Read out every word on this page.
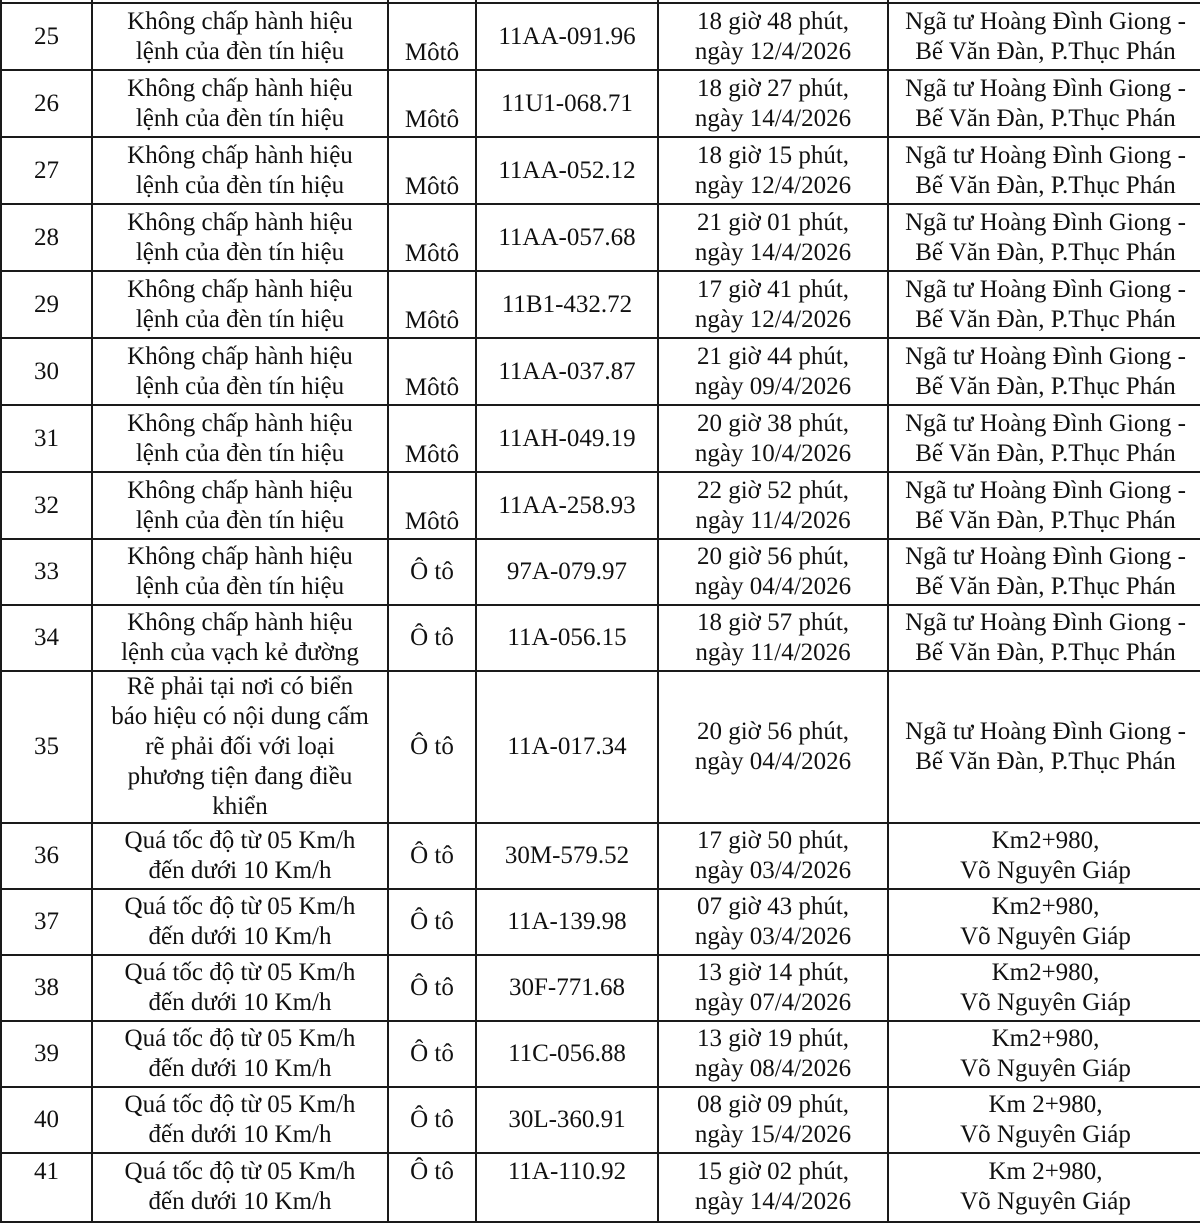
25	Không chấp hành hiệu
lệnh của đèn tín hiệu	Môtô	11AA-091.96	18 giờ 48 phút,
ngày 12/4/2026	Ngã tư Hoàng Đình Giong -
Bế Văn Đàn, P.Thục Phán
26	Không chấp hành hiệu
lệnh của đèn tín hiệu	Môtô	11U1-068.71	18 giờ 27 phút,
ngày 14/4/2026	Ngã tư Hoàng Đình Giong -
Bế Văn Đàn, P.Thục Phán
27	Không chấp hành hiệu
lệnh của đèn tín hiệu	Môtô	11AA-052.12	18 giờ 15 phút,
ngày 12/4/2026	Ngã tư Hoàng Đình Giong -
Bế Văn Đàn, P.Thục Phán
28	Không chấp hành hiệu
lệnh của đèn tín hiệu	Môtô	11AA-057.68	21 giờ 01 phút,
ngày 14/4/2026	Ngã tư Hoàng Đình Giong -
Bế Văn Đàn, P.Thục Phán
29	Không chấp hành hiệu
lệnh của đèn tín hiệu	Môtô	11B1-432.72	17 giờ 41 phút,
ngày 12/4/2026	Ngã tư Hoàng Đình Giong -
Bế Văn Đàn, P.Thục Phán
30	Không chấp hành hiệu
lệnh của đèn tín hiệu	Môtô	11AA-037.87	21 giờ 44 phút,
ngày 09/4/2026	Ngã tư Hoàng Đình Giong -
Bế Văn Đàn, P.Thục Phán
31	Không chấp hành hiệu
lệnh của đèn tín hiệu	Môtô	11AH-049.19	20 giờ 38 phút,
ngày 10/4/2026	Ngã tư Hoàng Đình Giong -
Bế Văn Đàn, P.Thục Phán
32	Không chấp hành hiệu
lệnh của đèn tín hiệu	Môtô	11AA-258.93	22 giờ 52 phút,
ngày 11/4/2026	Ngã tư Hoàng Đình Giong -
Bế Văn Đàn, P.Thục Phán
33	Không chấp hành hiệu
lệnh của đèn tín hiệu	Ô tô	97A-079.97	20 giờ 56 phút,
ngày 04/4/2026	Ngã tư Hoàng Đình Giong -
Bế Văn Đàn, P.Thục Phán
34	Không chấp hành hiệu
lệnh của vạch kẻ đường	Ô tô	11A-056.15	18 giờ 57 phút,
ngày 11/4/2026	Ngã tư Hoàng Đình Giong -
Bế Văn Đàn, P.Thục Phán
35	Rẽ phải tại nơi có biển
báo hiệu có nội dung cấm
rẽ phải đối với loại
phương tiện đang điều
khiển	Ô tô	11A-017.34	20 giờ 56 phút,
ngày 04/4/2026	Ngã tư Hoàng Đình Giong -
Bế Văn Đàn, P.Thục Phán
36	Quá tốc độ từ 05 Km/h
đến dưới 10 Km/h	Ô tô	30M-579.52	17 giờ 50 phút,
ngày 03/4/2026	Km2+980,
Võ Nguyên Giáp
37	Quá tốc độ từ 05 Km/h
đến dưới 10 Km/h	Ô tô	11A-139.98	07 giờ 43 phút,
ngày 03/4/2026	Km2+980,
Võ Nguyên Giáp
38	Quá tốc độ từ 05 Km/h
đến dưới 10 Km/h	Ô tô	30F-771.68	13 giờ 14 phút,
ngày 07/4/2026	Km2+980,
Võ Nguyên Giáp
39	Quá tốc độ từ 05 Km/h
đến dưới 10 Km/h	Ô tô	11C-056.88	13 giờ 19 phút,
ngày 08/4/2026	Km2+980,
Võ Nguyên Giáp
40	Quá tốc độ từ 05 Km/h
đến dưới 10 Km/h	Ô tô	30L-360.91	08 giờ 09 phút,
ngày 15/4/2026	Km 2+980,
Võ Nguyên Giáp
41	Quá tốc độ từ 05 Km/h
đến dưới 10 Km/h	Ô tô	11A-110.92	15 giờ 02 phút,
ngày 14/4/2026	Km 2+980,
Võ Nguyên Giáp
